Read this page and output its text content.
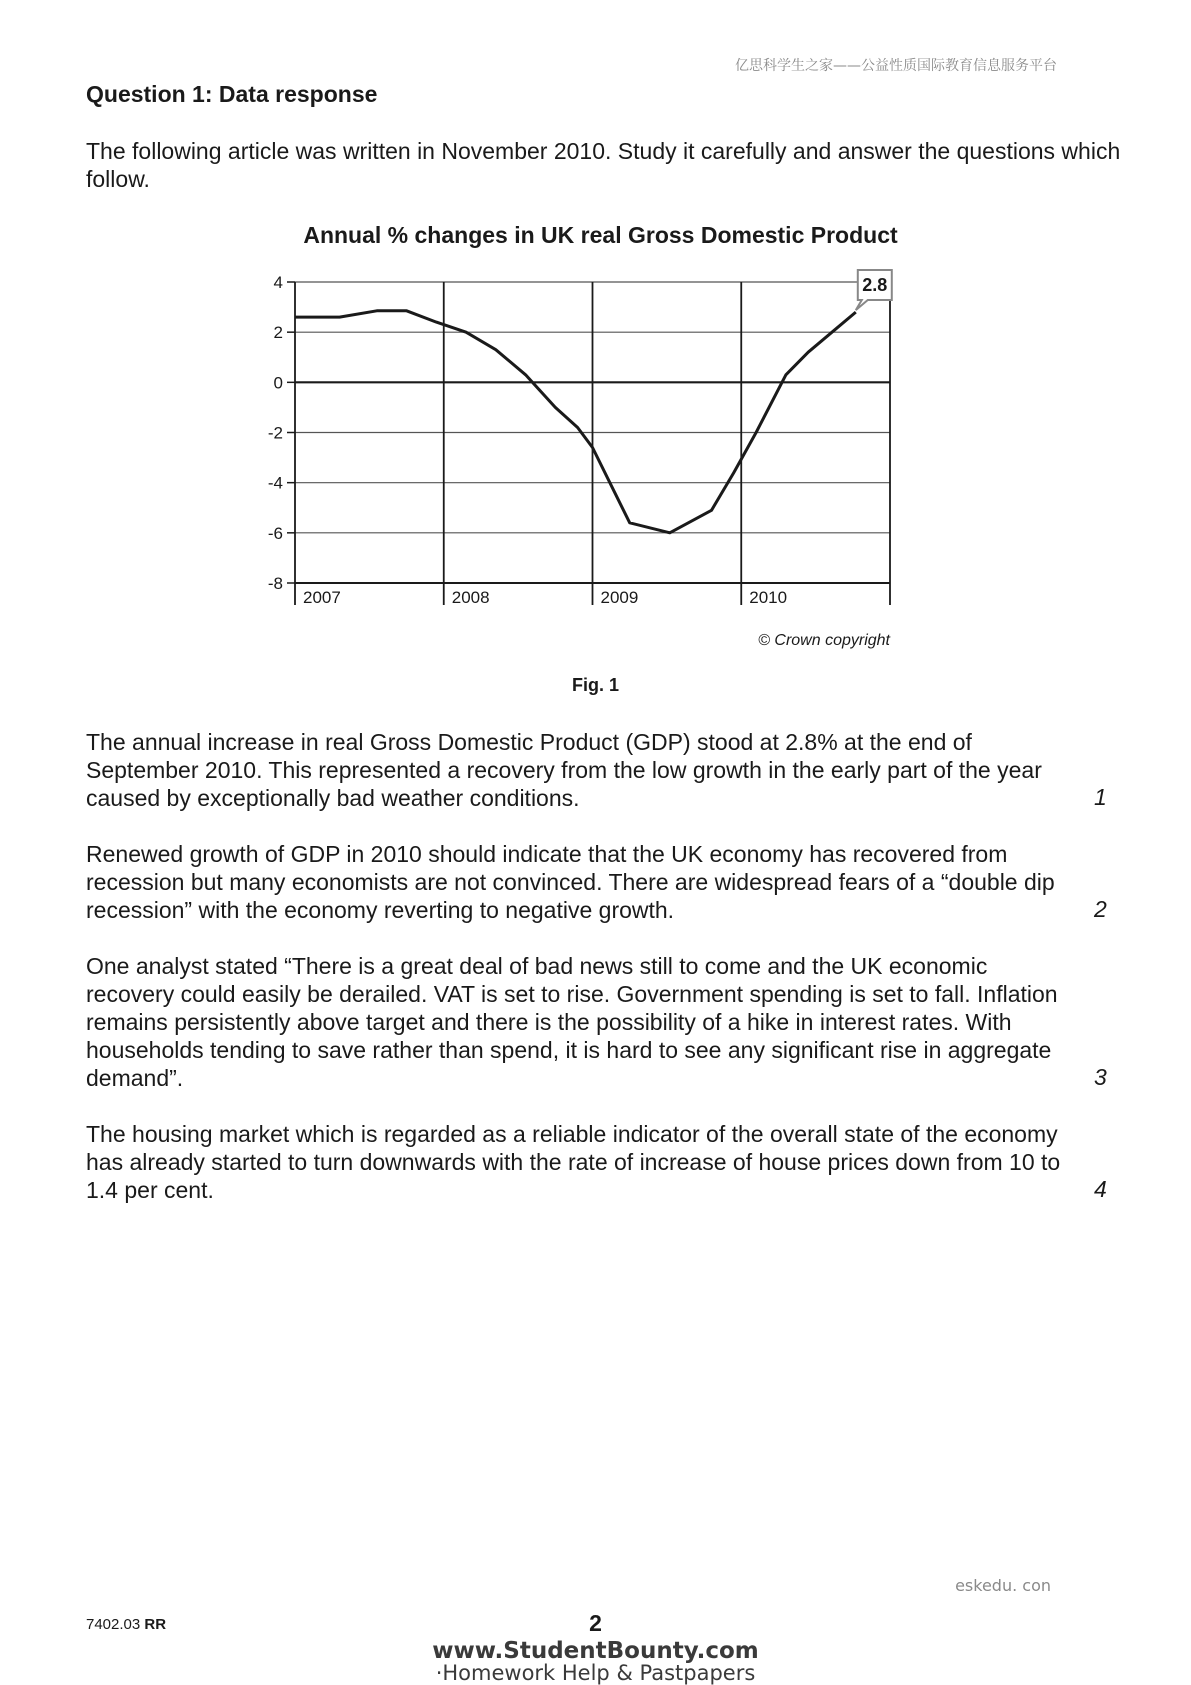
亿思科学生之家——公益性质国际教育信息服务平台
Question 1: Data response
The following article was written in November 2010. Study it carefully and answer the questions which follow.
Annual % changes in UK real Gross Domestic Product
4
2
0
-2
-4
-6
-8
2007	2008	2009	2010
2.8
© Crown copyright
Fig. 1
The annual increase in real Gross Domestic Product (GDP) stood at 2.8% at the end of September 2010. This represented a recovery from the low growth in the early part of the year caused by exceptionally bad weather conditions.	1
Renewed growth of GDP in 2010 should indicate that the UK economy has recovered from recession but many economists are not convinced. There are widespread fears of a “double dip recession” with the economy reverting to negative growth.	2
One analyst stated “There is a great deal of bad news still to come and the UK economic recovery could easily be derailed. VAT is set to rise. Government spending is set to fall. Inflation remains persistently above target and there is the possibility of a hike in interest rates. With households tending to save rather than spend, it is hard to see any significant rise in aggregate demand”.	3
The housing market which is regarded as a reliable indicator of the overall state of the economy has already started to turn downwards with the rate of increase of house prices down from 10 to 1.4 per cent.	4
eskedu. con
7402.03 RR	2
www.StudentBounty.com
·Homework Help & Pastpapers
